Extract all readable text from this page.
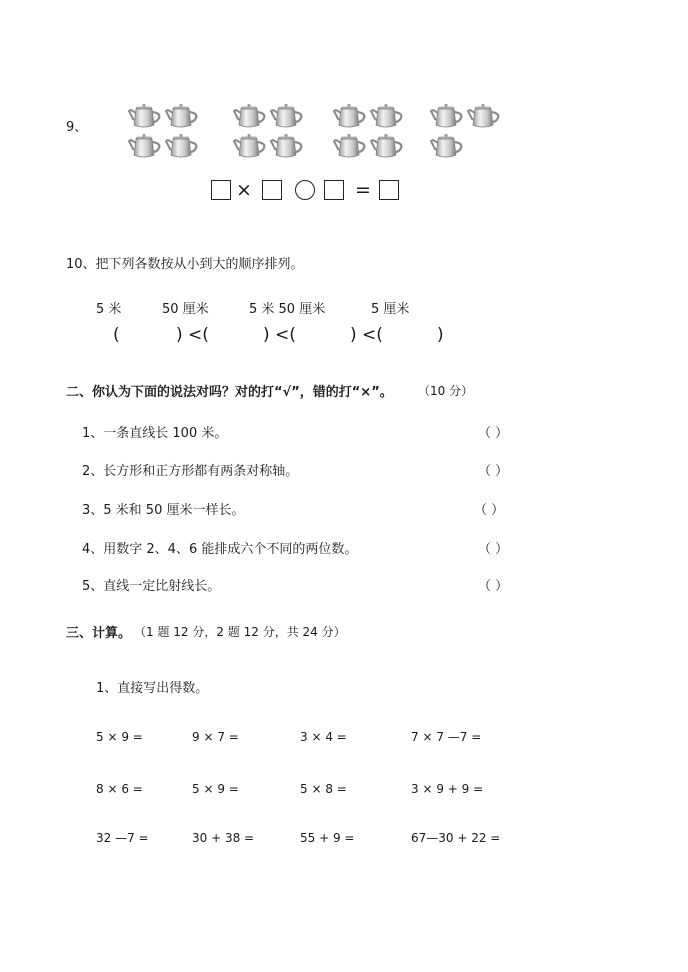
9、
×	=
10、把下列各数按从小到大的顺序排列。
5 米	50 厘米	5 米 50 厘米	5 厘米
(	) <(	) <(	) <(	)
二、你认为下面的说法对吗？对的打“√”，错的打“×”。 （10 分）
1、一条直线长 100 米。	（ ）
2、长方形和正方形都有两条对称轴。	（ ）
3、5 米和 50 厘米一样长。	（ ）
4、用数字 2、4、6 能排成六个不同的两位数。	（ ）
5、直线一定比射线长。	（ ）
三、计算。 （1 题 12 分，2 题 12 分，共 24 分）
1、直接写出得数。
5 × 9 =	9 × 7 =	3 × 4 =	7 × 7 —7 =
8 × 6 =	5 × 9 =	5 × 8 =	3 × 9 + 9 =
32 —7 =	30 + 38 =	55 + 9 =	67—30 + 22 =
